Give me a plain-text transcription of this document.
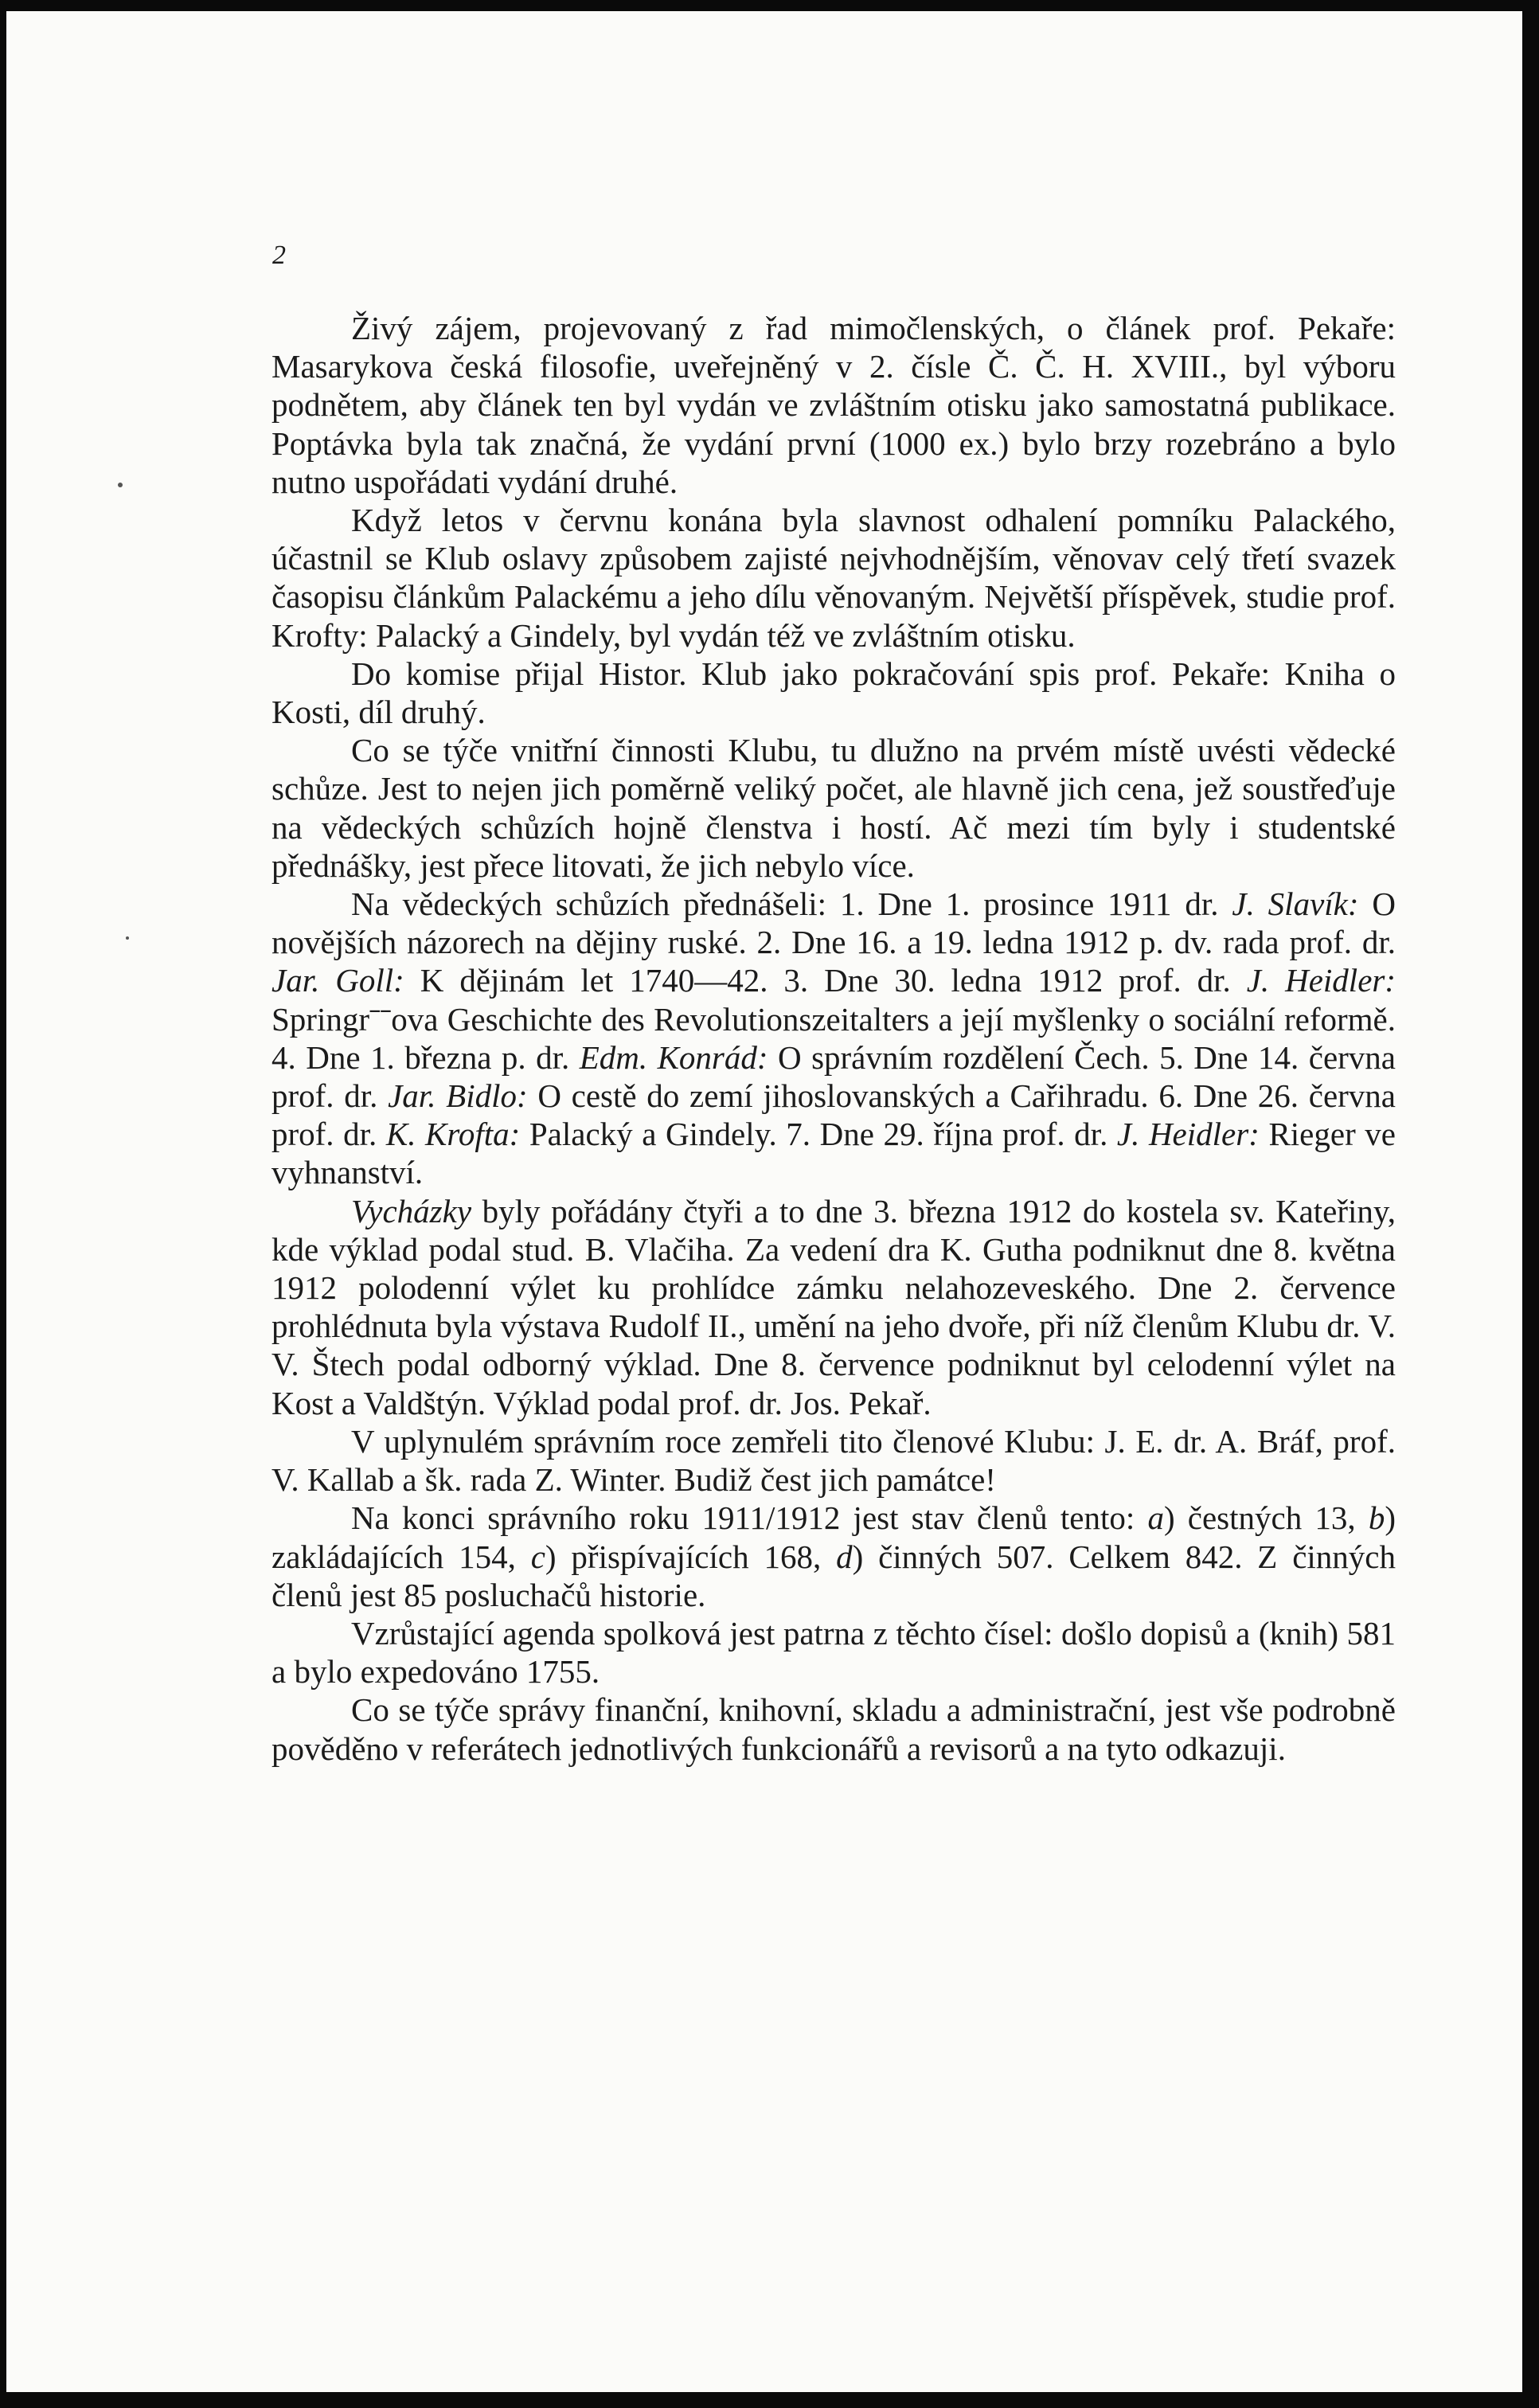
2

Živý zájem, projevovaný z řad mimočlenských, o článek prof. Pekaře: Masarykova česká filosofie, uveřejněný v 2. čísle Č. Č. H. XVIII., byl výboru podnětem, aby článek ten byl vydán ve zvláštním otisku jako samostatná publikace. Poptávka byla tak značná, že vydání první (1000 ex.) bylo brzy rozebráno a bylo nutno uspořádati vydání druhé.

Když letos v červnu konána byla slavnost odhalení pomníku Palackého, účastnil se Klub oslavy způsobem zajisté nejvhodnějším, věnovav celý třetí svazek časopisu článkům Palackému a jeho dílu věnovaným. Největší příspěvek, studie prof. Krofty: Palacký a Gindely, byl vydán též ve zvláštním otisku.

Do komise přijal Histor. Klub jako pokračování spis prof. Pekaře: Kniha o Kosti, díl druhý.

Co se týče vnitřní činnosti Klubu, tu dlužno na prvém místě uvésti vědecké schůze. Jest to nejen jich poměrně veliký počet, ale hlavně jich cena, jež soustřeďuje na vědeckých schůzích hojně členstva i hostí. Ač mezi tím byly i studentské přednášky, jest přece litovati, že jich nebylo více.

Na vědeckých schůzích přednášeli: 1. Dne 1. prosince 1911 dr. J. Slavík: O novějších názorech na dějiny ruské. 2. Dne 16. a 19. ledna 1912 p. dv. rada prof. dr. Jar. Goll: K dějinám let 1740—42. 3. Dne 30. ledna 1912 prof. dr. J. Heidler: Springrˉˉova Geschichte des Revolutionszeitalters a její myšlenky o sociální reformě. 4. Dne 1. března p. dr. Edm. Konrád: O správním rozdělení Čech. 5. Dne 14. června prof. dr. Jar. Bidlo: O cestě do zemí jihoslovanských a Cařihradu. 6. Dne 26. června prof. dr. K. Krofta: Palacký a Gindely. 7. Dne 29. října prof. dr. J. Heidler: Rieger ve vyhnanství.

Vycházky byly pořádány čtyři a to dne 3. března 1912 do kostela sv. Kateřiny, kde výklad podal stud. B. Vlačiha. Za vedení dra K. Gutha podniknut dne 8. května 1912 polodenní výlet ku prohlídce zámku nelahozeveského. Dne 2. července prohlédnuta byla výstava Rudolf II., umění na jeho dvoře, při níž členům Klubu dr. V. V. Štech podal odborný výklad. Dne 8. července podniknut byl celodenní výlet na Kost a Valdštýn. Výklad podal prof. dr. Jos. Pekař.

V uplynulém správním roce zemřeli tito členové Klubu: J. E. dr. A. Bráf, prof. V. Kallab a šk. rada Z. Winter. Budiž čest jich památce!

Na konci správního roku 1911/1912 jest stav členů tento: a) čestných 13, b) zakládajících 154, c) přispívajících 168, d) činných 507. Celkem 842. Z činných členů jest 85 posluchačů historie.

Vzrůstající agenda spolková jest patrna z těchto čísel: došlo dopisů a (knih) 581 a bylo expedováno 1755.

Co se týče správy finanční, knihovní, skladu a administrační, jest vše podrobně pověděno v referátech jednotlivých funkcionářů a revisorů a na tyto odkazuji.
